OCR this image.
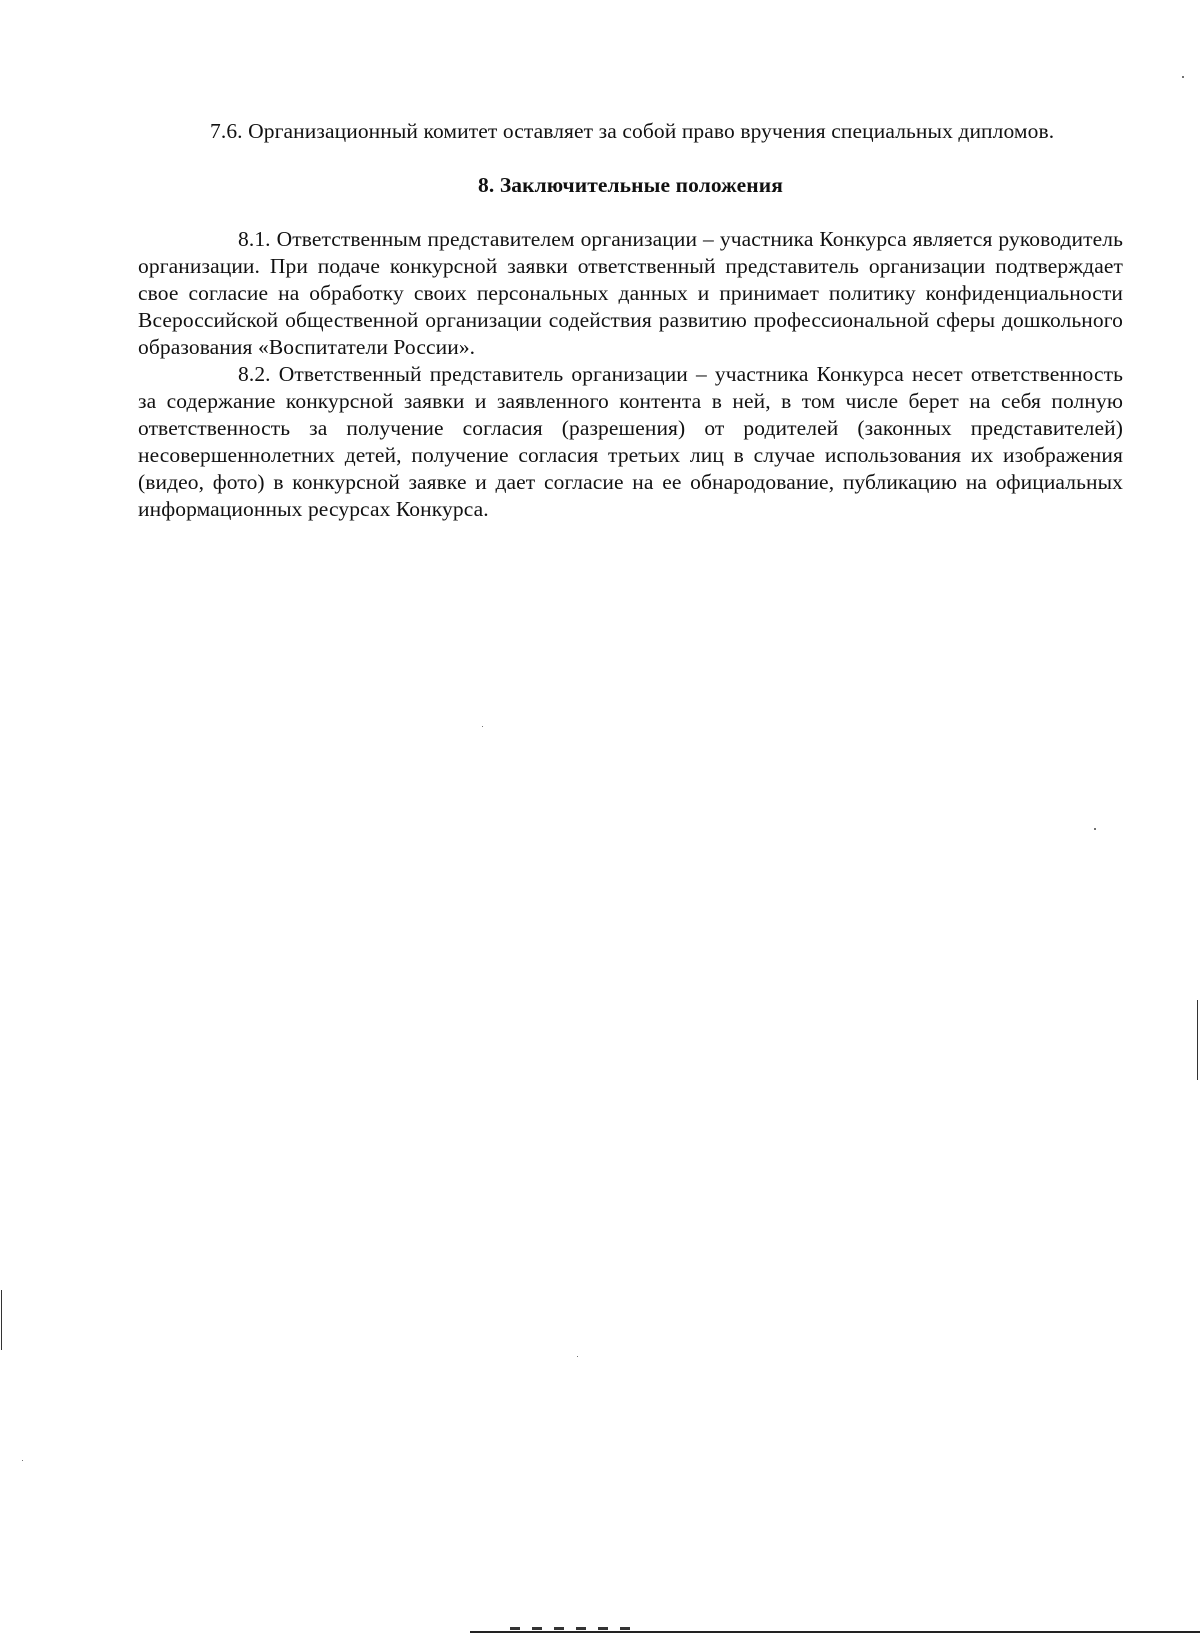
7.6. Организационный комитет оставляет за собой право вручения специальных дипломов.

8. Заключительные положения

8.1. Ответственным представителем организации – участника Конкурса является руководитель организации. При подаче конкурсной заявки ответственный представитель организации подтверждает свое согласие на обработку своих персональных данных и принимает политику конфиденциальности Всероссийской общественной организации содействия развитию профессиональной сферы дошкольного образования «Воспитатели России».

8.2. Ответственный представитель организации – участника Конкурса несет ответственность за содержание конкурсной заявки и заявленного контента в ней, в том числе берет на себя полную ответственность за получение согласия (разрешения) от родителей (законных представителей) несовершеннолетних детей, получение согласия третьих лиц в случае использования их изображения (видео, фото) в конкурсной заявке и дает согласие на ее обнародование, публикацию на официальных информационных ресурсах Конкурса.
